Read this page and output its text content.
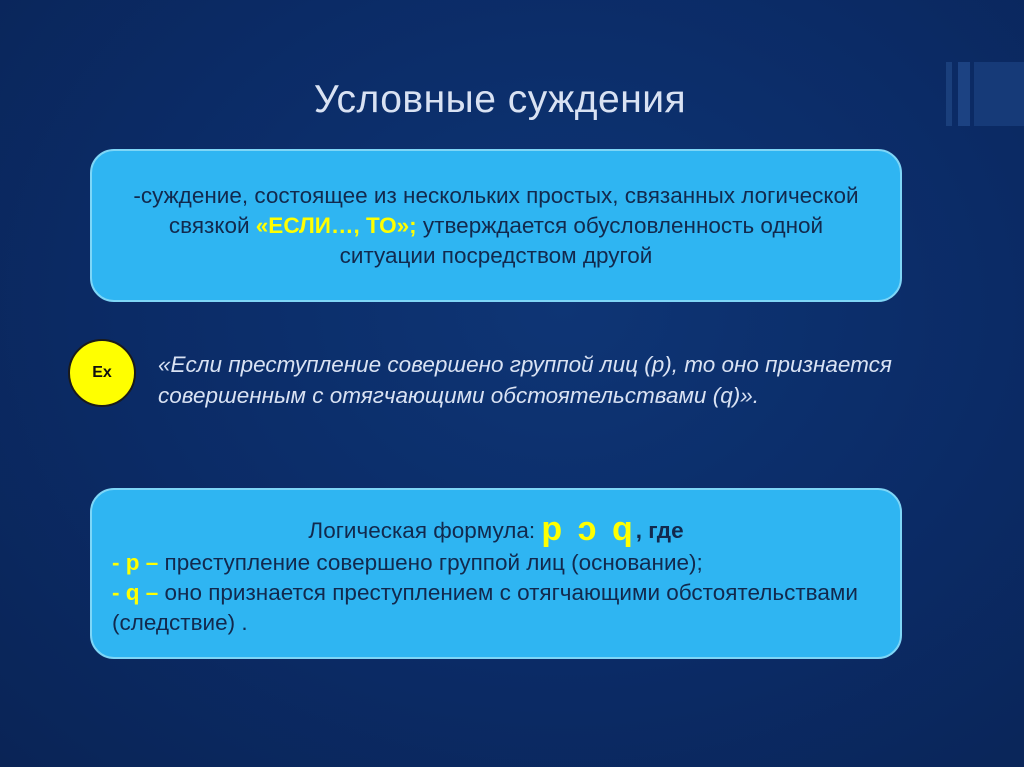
Условные суждения
-суждение, состоящее из нескольких простых, связанных логической связкой «ЕСЛИ…, ТО»; утверждается обусловленность одной ситуации посредством другой
Ex «Если преступление совершено группой лиц (р), то оно признается совершенным с отягчающими обстоятельствами (q)».
Логическая формула: p ↄ q, где
- р – преступление совершено группой лиц (основание);
- q – оно признается преступлением с отягчающими обстоятельствами (следствие) .
